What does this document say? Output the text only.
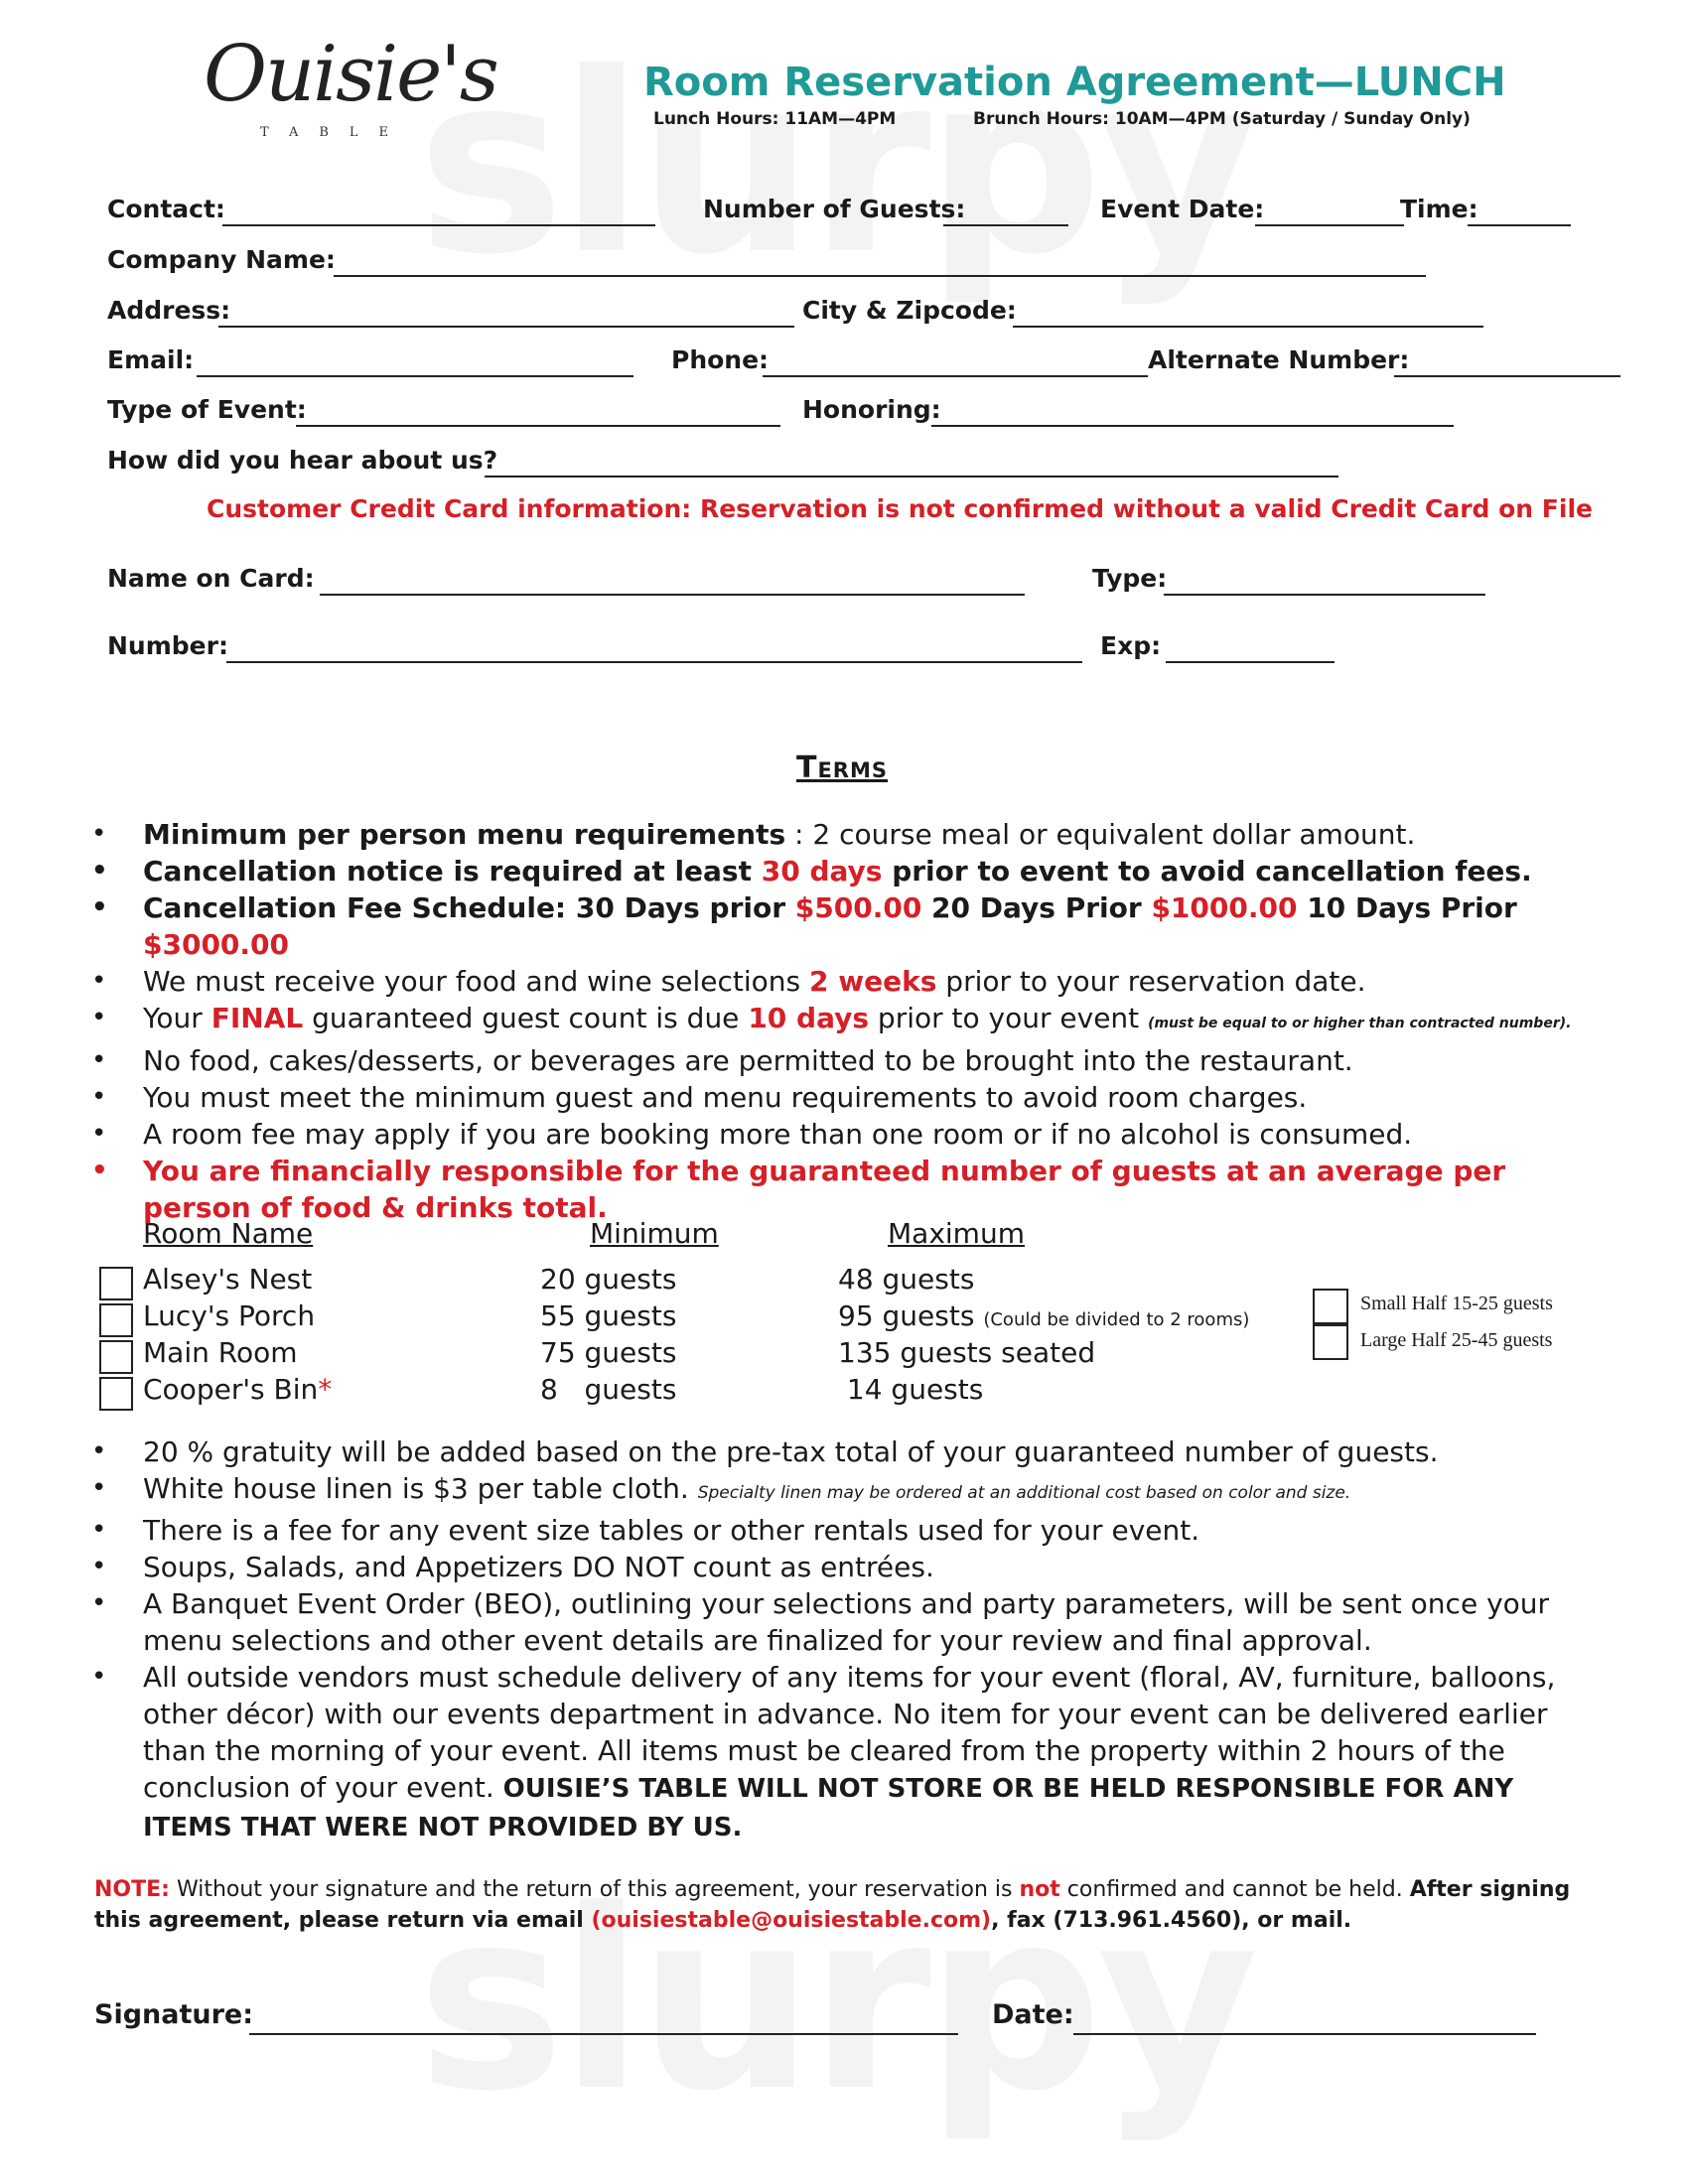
Ouisie's
TABLE
Room Reservation Agreement—LUNCH
Lunch Hours: 11AM—4PM	Brunch Hours: 10AM—4PM (Saturday / Sunday Only)
Contact:	Number of Guests:	Event Date:	Time:
Company Name:
Address:	City & Zipcode:
Email:	Phone:	Alternate Number:
Type of Event:	Honoring:
How did you hear about us?
Customer Credit Card information: Reservation is not confirmed without a valid Credit Card on File
Name on Card:	Type:
Number:	Exp:
Terms
• Minimum per person menu requirements : 2 course meal or equivalent dollar amount.
• Cancellation notice is required at least 30 days prior to event to avoid cancellation fees.
• Cancellation Fee Schedule: 30 Days prior $500.00 20 Days Prior $1000.00 10 Days Prior $3000.00
• We must receive your food and wine selections 2 weeks prior to your reservation date.
• Your FINAL guaranteed guest count is due 10 days prior to your event (must be equal to or higher than contracted number).
• No food, cakes/desserts, or beverages are permitted to be brought into the restaurant.
• You must meet the minimum guest and menu requirements to avoid room charges.
• A room fee may apply if you are booking more than one room or if no alcohol is consumed.
• You are financially responsible for the guaranteed number of guests at an average per person of food & drinks total.
Room Name	Minimum	Maximum
Alsey's Nest	20 guests	48 guests
Lucy's Porch	55 guests	95 guests (Could be divided to 2 rooms)
Main Room	75 guests	135 guests seated
Cooper's Bin*	8   guests	14 guests
Small Half 15-25 guests
Large Half 25-45 guests
• 20 % gratuity will be added based on the pre-tax total of your guaranteed number of guests.
• White house linen is $3 per table cloth. Specialty linen may be ordered at an additional cost based on color and size.
• There is a fee for any event size tables or other rentals used for your event.
• Soups, Salads, and Appetizers DO NOT count as entrées.
• A Banquet Event Order (BEO), outlining your selections and party parameters, will be sent once your menu selections and other event details are finalized for your review and final approval.
• All outside vendors must schedule delivery of any items for your event (floral, AV, furniture, balloons, other décor) with our events department in advance. No item for your event can be delivered earlier than the morning of your event. All items must be cleared from the property within 2 hours of the conclusion of your event. OUISIE’S TABLE WILL NOT STORE OR BE HELD RESPONSIBLE FOR ANY ITEMS THAT WERE NOT PROVIDED BY US.
NOTE: Without your signature and the return of this agreement, your reservation is not confirmed and cannot be held. After signing this agreement, please return via email (ouisiestable@ouisiestable.com), fax (713.961.4560), or mail.
Signature:	Date:
